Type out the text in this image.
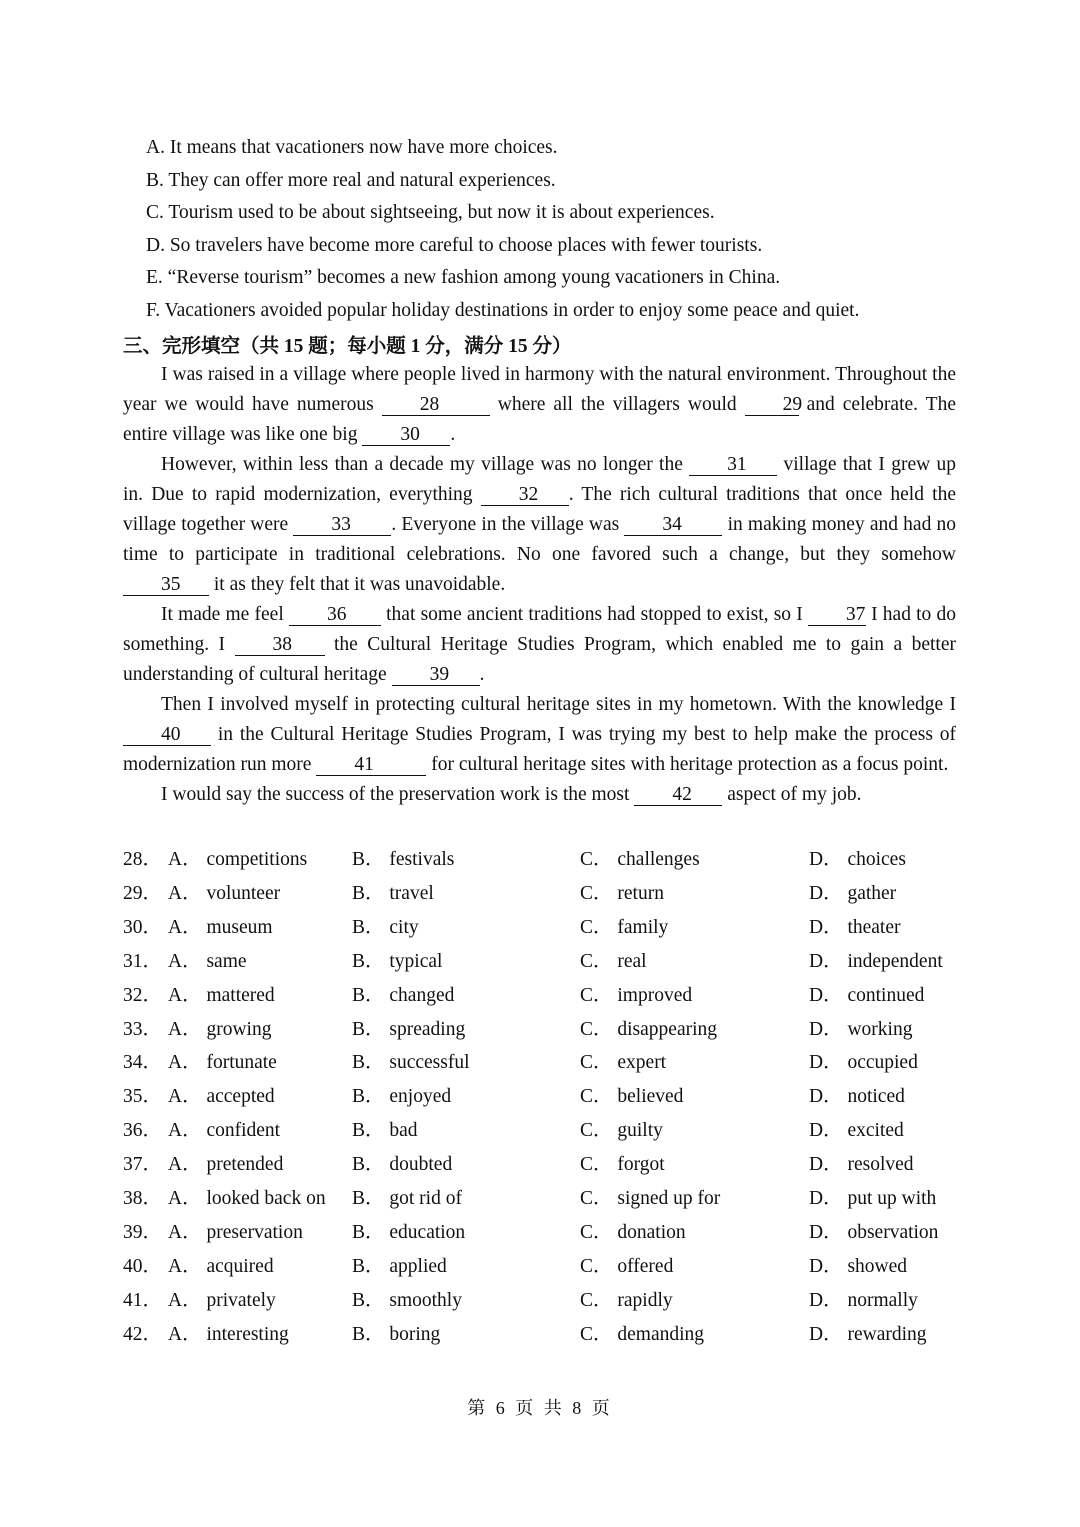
A. It means that vacationers now have more choices.
B. They can offer more real and natural experiences.
C. Tourism used to be about sightseeing, but now it is about experiences.
D. So travelers have become more careful to choose places with fewer tourists.
E. “Reverse tourism” becomes a new fashion among young vacationers in China.
F. Vacationers avoided popular holiday destinations in order to enjoy some peace and quiet.
三、完形填空（共 15 题；每小题 1 分，满分 15 分）

I was raised in a village where people lived in harmony with the natural environment. Throughout the year we would have numerous 28	where all the villagers would 29 and celebrate. The entire village was like one big 30 .

However, within less than a decade my village was no longer the 31 village that I grew up in. Due to rapid modernization, everything 32 . The rich cultural traditions that once held the village together were 33 . Everyone in the village was 34 in making money and had no time to participate in traditional celebrations. No one favored such a change, but they somehow 35 it as they felt that it was unavoidable.

It made me feel 36 that some ancient traditions had stopped to exist, so I 37 I had to do something. I 38 the Cultural Heritage Studies Program, which enabled me to gain a better understanding of cultural heritage 39 .

Then I involved myself in protecting cultural heritage sites in my hometown. With the knowledge I 40 in the Cultural Heritage Studies Program, I was trying my best to help make the process of modernization run more 41	for cultural heritage sites with heritage protection as a focus point.

I would say the success of the preservation work is the most 42 aspect of my job.

28． A． competitions B． festivals	C． challenges	D． choices
29． A． volunteer	B． travel	C． return	D． gather
30． A． museum	B． city	C． family	D． theater
31． A． same	B． typical	C． real	D． independent
32． A． mattered	B． changed	C． improved	D． continued
33． A． growing	B． spreading	C． disappearing	D． working
34． A． fortunate	B． successful	C． expert	D． occupied
35． A． accepted	B． enjoyed	C． believed	D． noticed
36． A． confident	B． bad	C． guilty	D． excited
37． A． pretended	B． doubted	C． forgot	D． resolved
38． A． looked back on B． got rid of	C． signed up for	D． put up with
39． A． preservation	B． education	C． donation	D． observation
40． A． acquired	B． applied	C． offered	D． showed
41． A． privately	B． smoothly	C． rapidly	D． normally
42． A． interesting	B． boring	C． demanding	D． rewarding
第 6 页 共 8 页
